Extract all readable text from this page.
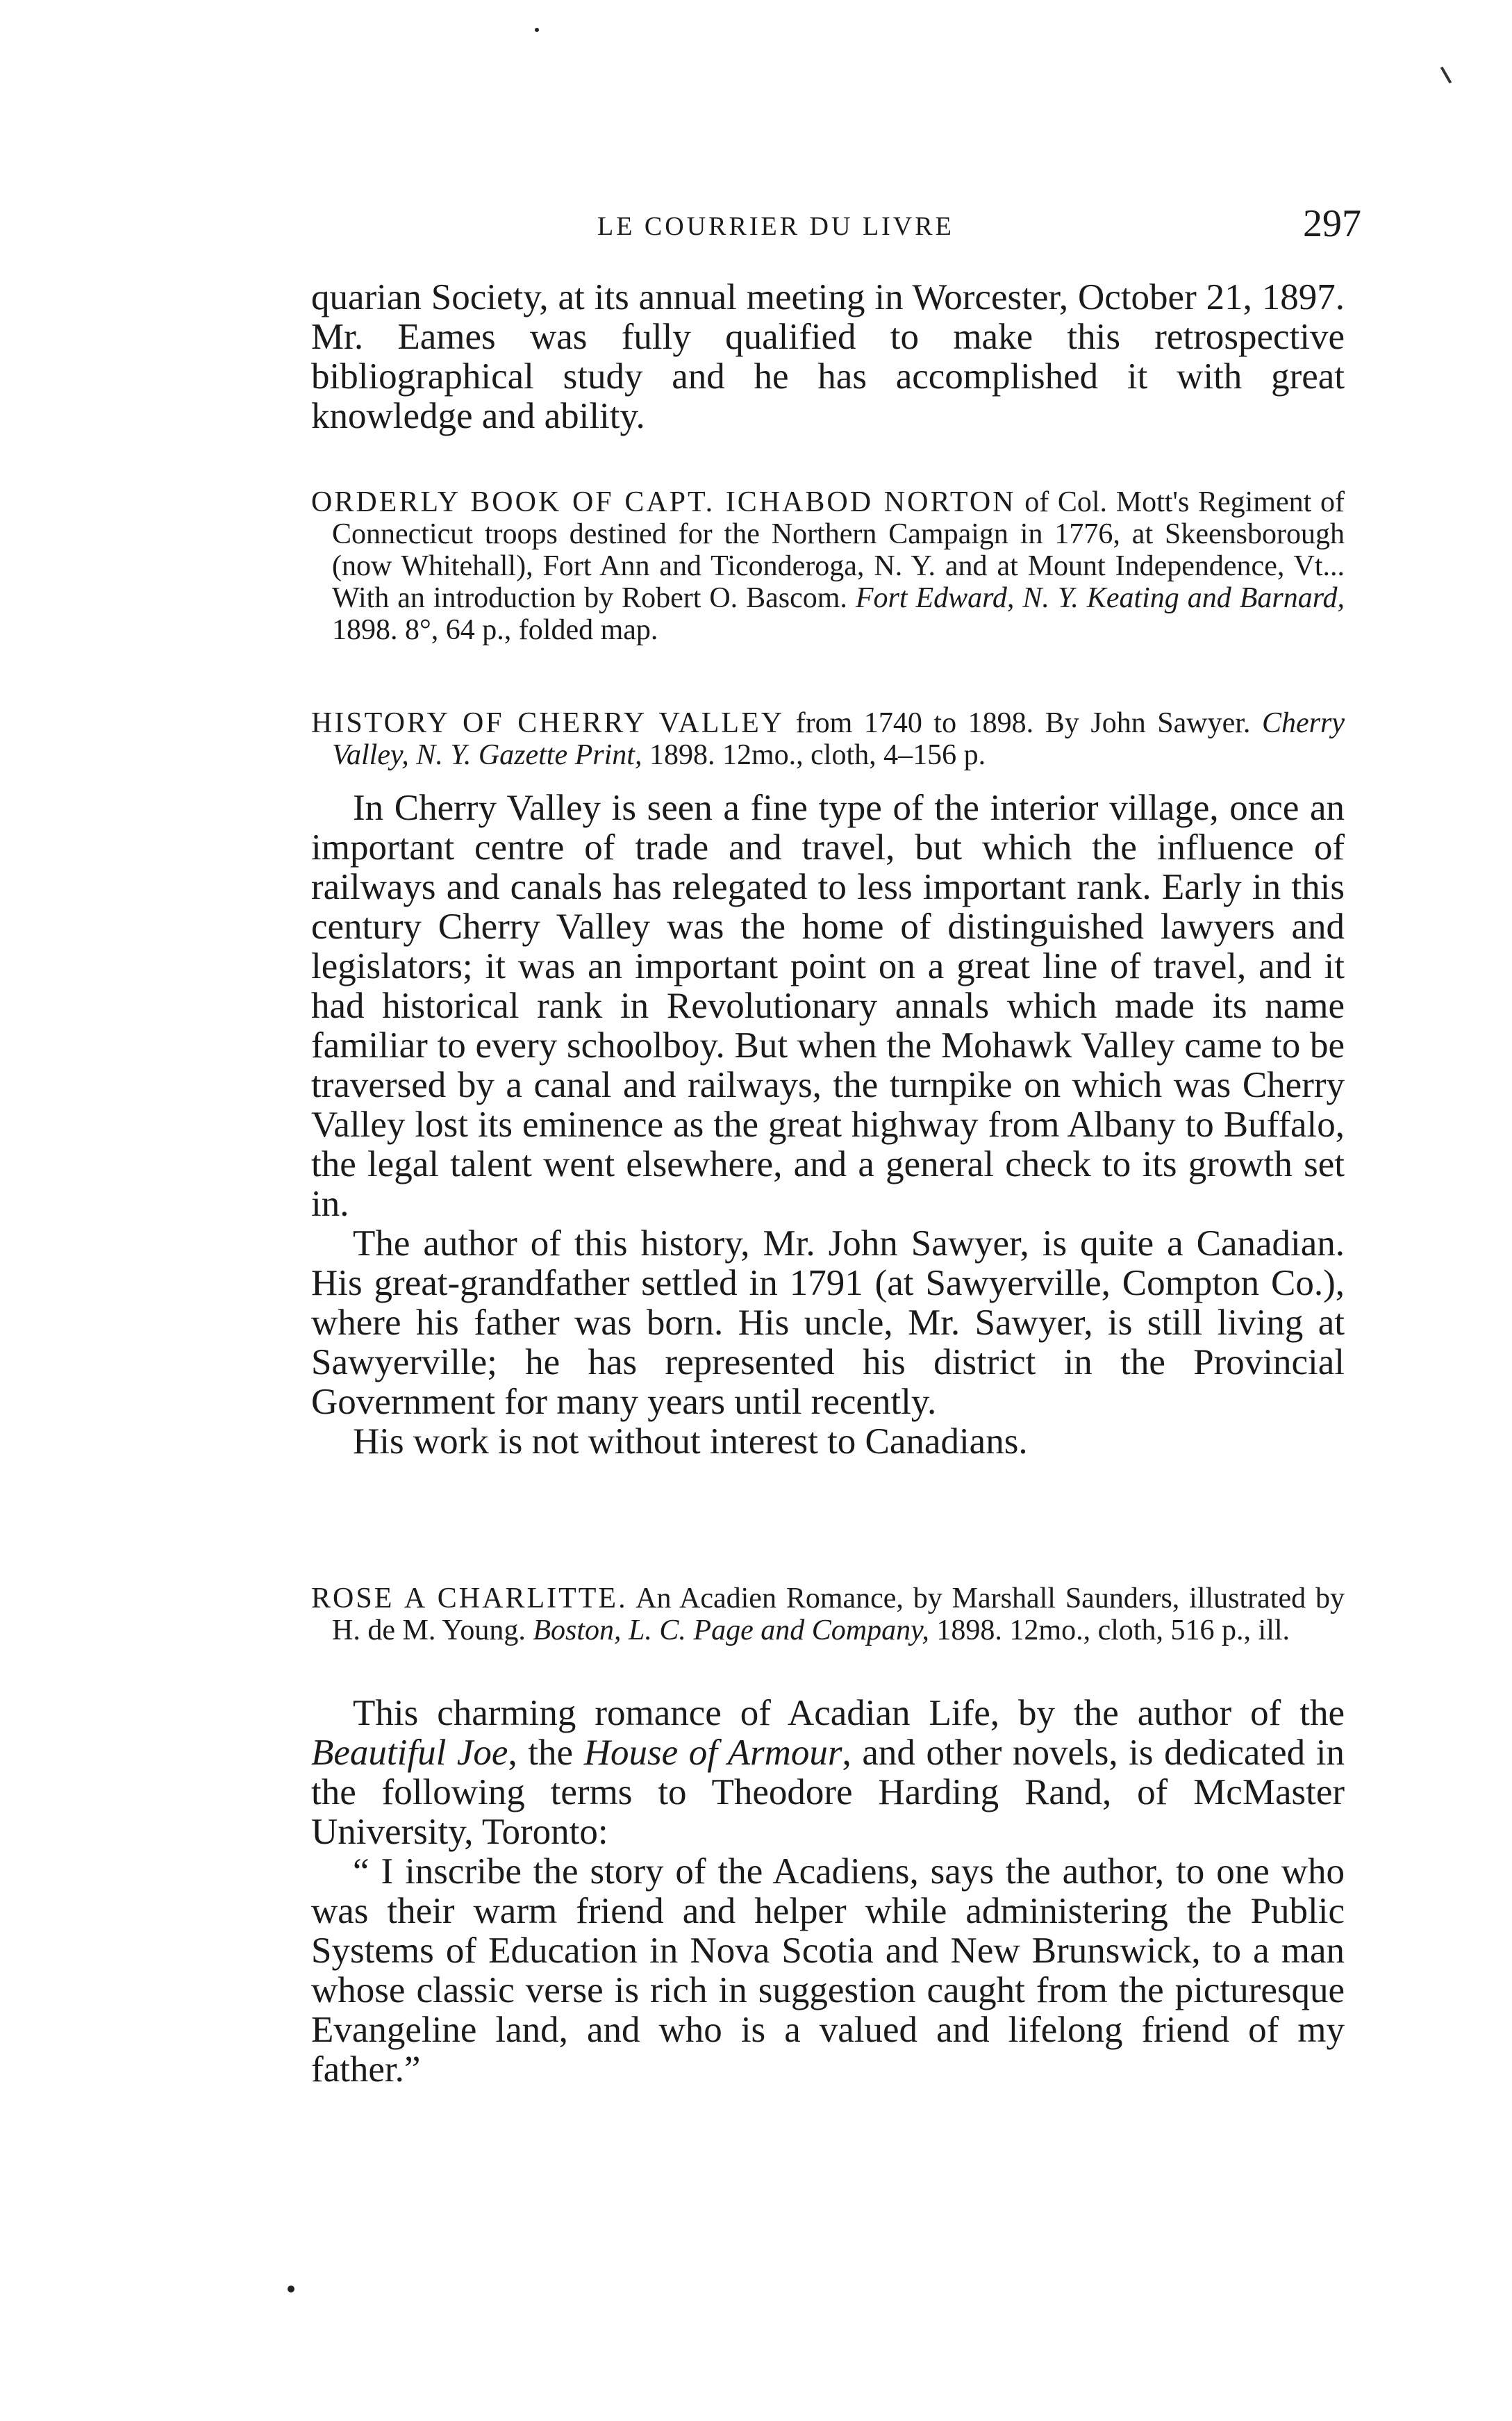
LE COURRIER DU LIVRE	297

quarian Society, at its annual meeting in Worcester, October 21, 1897. Mr. Eames was fully qualified to make this retrospective bibliographical study and he has accomplished it with great knowledge and ability.

ORDERLY BOOK OF CAPT. ICHABOD NORTON of Col. Mott's Regiment of Connecticut troops destined for the Northern Campaign in 1776, at Skeensborough (now Whitehall), Fort Ann and Ticonderoga, N. Y. and at Mount Independence, Vt... With an introduction by Robert O. Bascom. Fort Edward, N. Y. Keating and Barnard, 1898. 8°, 64 p., folded map.

HISTORY OF CHERRY VALLEY from 1740 to 1898. By John Sawyer. Cherry Valley, N. Y. Gazette Print, 1898. 12mo., cloth, 4–156 p.

In Cherry Valley is seen a fine type of the interior village, once an important centre of trade and travel, but which the influence of railways and canals has relegated to less important rank. Early in this century Cherry Valley was the home of distinguished lawyers and legislators; it was an important point on a great line of travel, and it had historical rank in Revolutionary annals which made its name familiar to every schoolboy. But when the Mohawk Valley came to be traversed by a canal and railways, the turnpike on which was Cherry Valley lost its eminence as the great highway from Albany to Buffalo, the legal talent went elsewhere, and a general check to its growth set in.

The author of this history, Mr. John Sawyer, is quite a Canadian. His great-grandfather settled in 1791 (at Sawyerville, Compton Co.), where his father was born. His uncle, Mr. Sawyer, is still living at Sawyerville; he has represented his district in the Provincial Government for many years until recently.

His work is not without interest to Canadians.

ROSE A CHARLITTE. An Acadien Romance, by Marshall Saunders, illustrated by H. de M. Young. Boston, L. C. Page and Company, 1898. 12mo., cloth, 516 p., ill.

This charming romance of Acadian Life, by the author of the Beautiful Joe, the House of Armour, and other novels, is dedicated in the following terms to Theodore Harding Rand, of McMaster University, Toronto:

“ I inscribe the story of the Acadiens, says the author, to one who was their warm friend and helper while administering the Public Systems of Education in Nova Scotia and New Brunswick, to a man whose classic verse is rich in suggestion caught from the picturesque Evangeline land, and who is a valued and lifelong friend of my father.”
